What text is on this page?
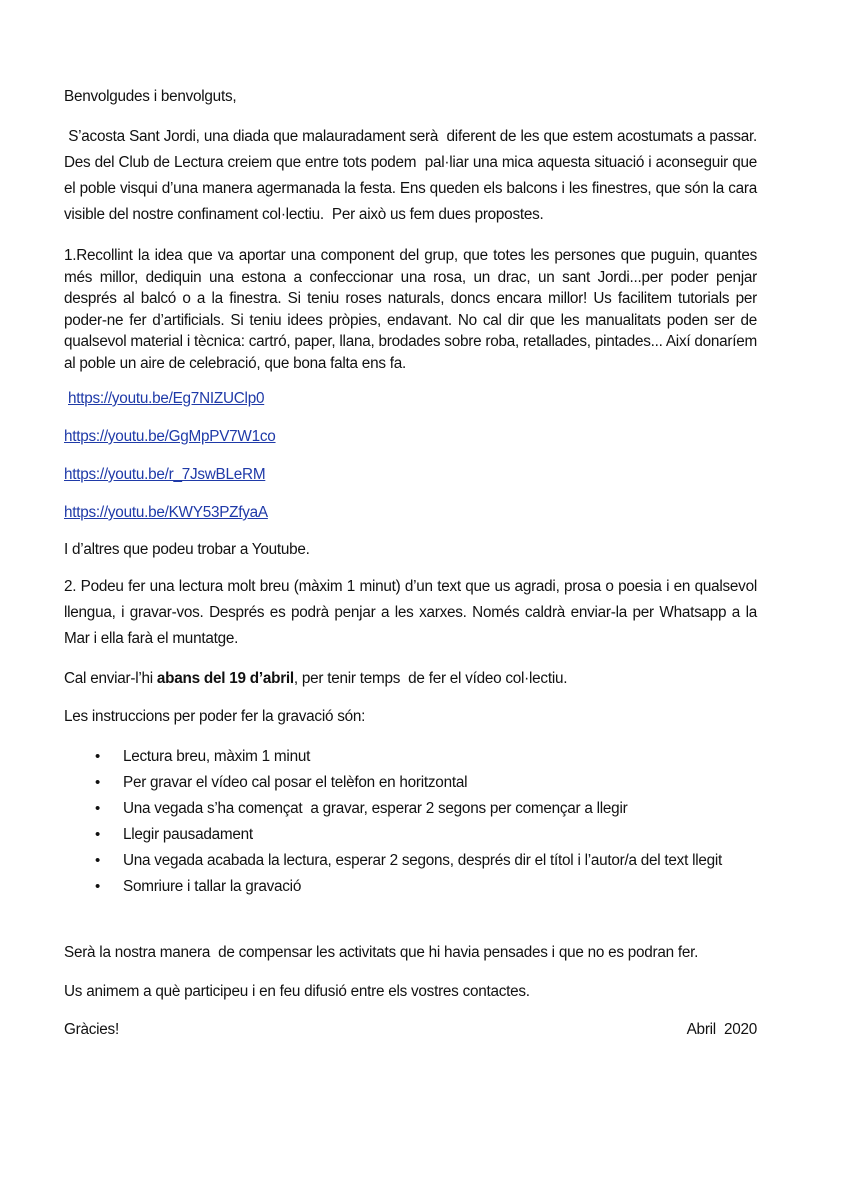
Benvolgudes i benvolguts,

S’acosta Sant Jordi, una diada que malauradament serà  diferent de les que estem acostumats a passar. Des del Club de Lectura creiem que entre tots podem  pal·liar una mica aquesta situació i aconseguir que el poble visqui d’una manera agermanada la festa. Ens queden els balcons i les finestres, que són la cara visible del nostre confinament col·lectiu.  Per això us fem dues propostes.

1.Recollint la idea que va aportar una component del grup, que totes les persones que puguin, quantes més millor, dediquin una estona a confeccionar una rosa, un drac, un sant Jordi...per poder penjar després al balcó o a la finestra. Si teniu roses naturals, doncs encara millor! Us facilitem tutorials per poder-ne fer d’artificials. Si teniu idees pròpies, endavant. No cal dir que les manualitats poden ser de qualsevol material i tècnica: cartró, paper, llana, brodades sobre roba, retallades, pintades... Així donaríem al poble un aire de celebració, que bona falta ens fa.

https://youtu.be/Eg7NIZUClp0
https://youtu.be/GgMpPV7W1co
https://youtu.be/r_7JswBLeRM
https://youtu.be/KWY53PZfyaA

I d’altres que podeu trobar a Youtube.

2. Podeu fer una lectura molt breu (màxim 1 minut) d’un text que us agradi, prosa o poesia i en qualsevol llengua, i gravar-vos. Després es podrà penjar a les xarxes. Només caldrà enviar-la per Whatsapp a la Mar i ella farà el muntatge.

Cal enviar-l’hi abans del 19 d’abril, per tenir temps  de fer el vídeo col·lectiu.

Les instruccions per poder fer la gravació són:

• Lectura breu, màxim 1 minut
• Per gravar el vídeo cal posar el telèfon en horitzontal
• Una vegada s’ha començat  a gravar, esperar 2 segons per començar a llegir
• Llegir pausadament
• Una vegada acabada la lectura, esperar 2 segons, després dir el títol i l’autor/a del text llegit
• Somriure i tallar la gravació

Serà la nostra manera  de compensar les activitats que hi havia pensades i que no es podran fer.

Us animem a què participeu i en feu difusió entre els vostres contactes.

Gràcies!	Abril  2020
